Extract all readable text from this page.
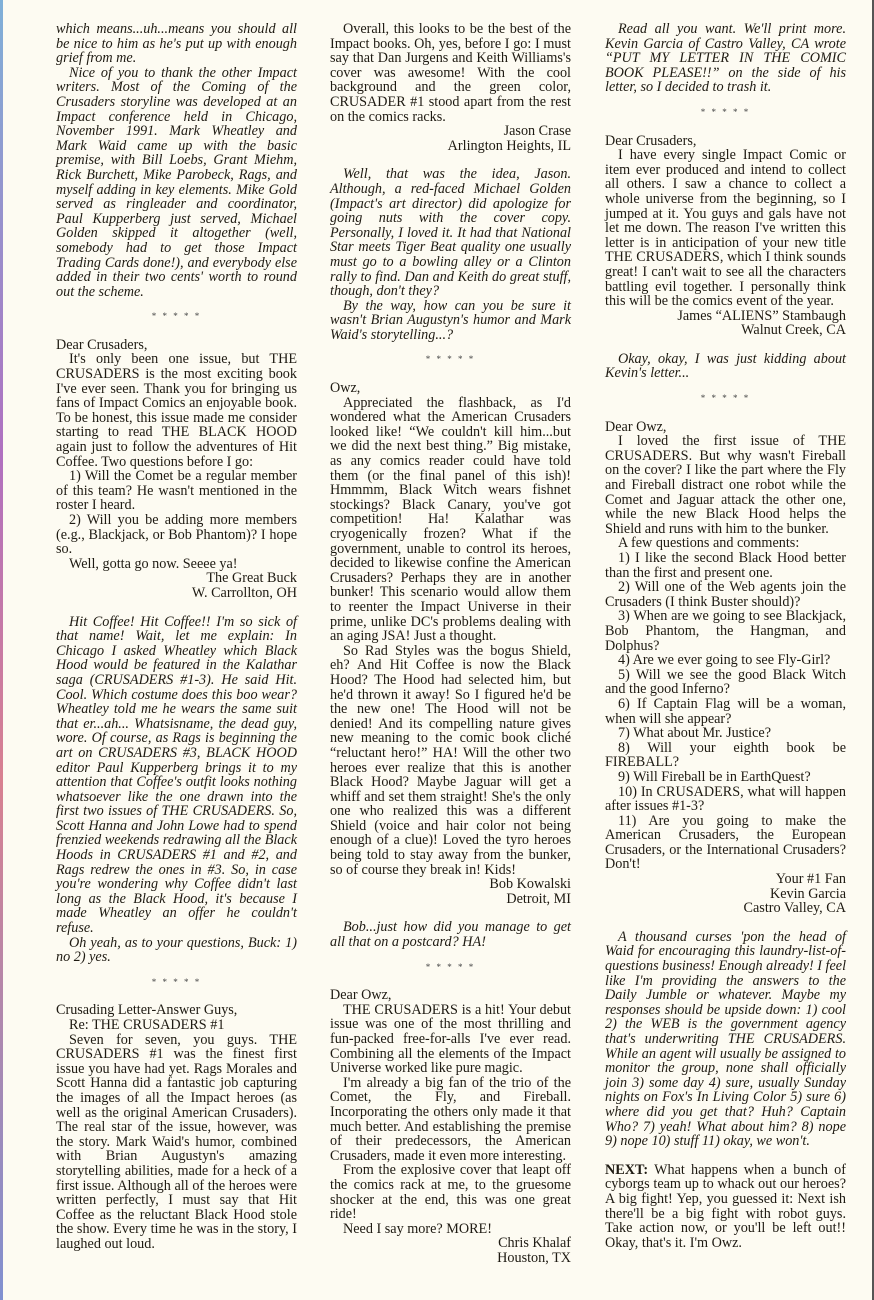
which means...uh...means you should all be nice to him as he's put up with enough grief from me.

Nice of you to thank the other Impact writers. Most of the Coming of the Crusaders storyline was developed at an Impact conference held in Chicago, November 1991. Mark Wheatley and Mark Waid came up with the basic premise, with Bill Loebs, Grant Miehm, Rick Burchett, Mike Parobeck, Rags, and myself adding in key elements. Mike Gold served as ringleader and coordinator, Paul Kupperberg just served, Michael Golden skipped it altogether (well, somebody had to get those Impact Trading Cards done!), and everybody else added in their two cents' worth to round out the scheme.

* * * * *

Dear Crusaders,

It's only been one issue, but THE CRUSADERS is the most exciting book I've ever seen. Thank you for bringing us fans of Impact Comics an enjoyable book. To be honest, this issue made me consider starting to read THE BLACK HOOD again just to follow the adventures of Hit Coffee. Two questions before I go:

1) Will the Comet be a regular member of this team? He wasn't mentioned in the roster I heard.

2) Will you be adding more members (e.g., Blackjack, or Bob Phantom)? I hope so.

Well, gotta go now. Seeee ya!

The Great Buck

W. Carrollton, OH

Hit Coffee! Hit Coffee!! I'm so sick of that name! Wait, let me explain: In Chicago I asked Wheatley which Black Hood would be featured in the Kalathar saga (CRUSADERS #1-3). He said Hit. Cool. Which costume does this boo wear? Wheatley told me he wears the same suit that er...ah... Whatsisname, the dead guy, wore. Of course, as Rags is beginning the art on CRUSADERS #3, BLACK HOOD editor Paul Kupperberg brings it to my attention that Coffee's outfit looks nothing whatsoever like the one drawn into the first two issues of THE CRUSADERS. So, Scott Hanna and John Lowe had to spend frenzied weekends redrawing all the Black Hoods in CRUSADERS #1 and #2, and Rags redrew the ones in #3. So, in case you're wondering why Coffee didn't last long as the Black Hood, it's because I made Wheatley an offer he couldn't refuse.

Oh yeah, as to your questions, Buck: 1) no 2) yes.

* * * * *

Crusading Letter-Answer Guys,

Re: THE CRUSADERS #1

Seven for seven, you guys. THE CRUSADERS #1 was the finest first issue you have had yet. Rags Morales and Scott Hanna did a fantastic job capturing the images of all the Impact heroes (as well as the original American Crusaders). The real star of the issue, however, was the story. Mark Waid's humor, combined with Brian Augustyn's amazing storytelling abilities, made for a heck of a first issue. Although all of the heroes were written perfectly, I must say that Hit Coffee as the reluctant Black Hood stole the show. Every time he was in the story, I laughed out loud.

Overall, this looks to be the best of the Impact books. Oh, yes, before I go: I must say that Dan Jurgens and Keith Williams's cover was awesome! With the cool background and the green color, CRUSADER #1 stood apart from the rest on the comics racks.

Jason Crase

Arlington Heights, IL

Well, that was the idea, Jason. Although, a red-faced Michael Golden (Impact's art director) did apologize for going nuts with the cover copy. Personally, I loved it. It had that National Star meets Tiger Beat quality one usually must go to a bowling alley or a Clinton rally to find. Dan and Keith do great stuff, though, don't they?

By the way, how can you be sure it wasn't Brian Augustyn's humor and Mark Waid's storytelling...?

* * * * *

Owz,

Appreciated the flashback, as I'd wondered what the American Crusaders looked like! “We couldn't kill him...but we did the next best thing.” Big mistake, as any comics reader could have told them (or the final panel of this ish)! Hmmmm, Black Witch wears fishnet stockings? Black Canary, you've got competition! Ha! Kalathar was cryogenically frozen? What if the government, unable to control its heroes, decided to likewise confine the American Crusaders? Perhaps they are in another bunker! This scenario would allow them to reenter the Impact Universe in their prime, unlike DC's problems dealing with an aging JSA! Just a thought.

So Rad Styles was the bogus Shield, eh? And Hit Coffee is now the Black Hood? The Hood had selected him, but he'd thrown it away! So I figured he'd be the new one! The Hood will not be denied! And its compelling nature gives new meaning to the comic book cliché “reluctant hero!” HA! Will the other two heroes ever realize that this is another Black Hood? Maybe Jaguar will get a whiff and set them straight! She's the only one who realized this was a different Shield (voice and hair color not being enough of a clue)! Loved the tyro heroes being told to stay away from the bunker, so of course they break in! Kids!

Bob Kowalski

Detroit, MI

Bob...just how did you manage to get all that on a postcard? HA!

* * * * *

Dear Owz,

THE CRUSADERS is a hit! Your debut issue was one of the most thrilling and fun-packed free-for-alls I've ever read. Combining all the elements of the Impact Universe worked like pure magic.

I'm already a big fan of the trio of the Comet, the Fly, and Fireball. Incorporating the others only made it that much better. And establishing the premise of their predecessors, the American Crusaders, made it even more interesting.

From the explosive cover that leapt off the comics rack at me, to the gruesome shocker at the end, this was one great ride!

Need I say more? MORE!

Chris Khalaf

Houston, TX

Read all you want. We'll print more. Kevin Garcia of Castro Valley, CA wrote “PUT MY LETTER IN THE COMIC BOOK PLEASE!!” on the side of his letter, so I decided to trash it.

* * * * *

Dear Crusaders,

I have every single Impact Comic or item ever produced and intend to collect all others. I saw a chance to collect a whole universe from the beginning, so I jumped at it. You guys and gals have not let me down. The reason I've written this letter is in anticipation of your new title THE CRUSADERS, which I think sounds great! I can't wait to see all the characters battling evil together. I personally think this will be the comics event of the year.

James “ALIENS” Stambaugh

Walnut Creek, CA

Okay, okay, I was just kidding about Kevin's letter...

* * * * *

Dear Owz,

I loved the first issue of THE CRUSADERS. But why wasn't Fireball on the cover? I like the part where the Fly and Fireball distract one robot while the Comet and Jaguar attack the other one, while the new Black Hood helps the Shield and runs with him to the bunker.

A few questions and comments:

1) I like the second Black Hood better than the first and present one.

2) Will one of the Web agents join the Crusaders (I think Buster should)?

3) When are we going to see Blackjack, Bob Phantom, the Hangman, and Dolphus?

4) Are we ever going to see Fly-Girl?

5) Will we see the good Black Witch and the good Inferno?

6) If Captain Flag will be a woman, when will she appear?

7) What about Mr. Justice?

8) Will your eighth book be FIREBALL?

9) Will Fireball be in EarthQuest?

10) In CRUSADERS, what will happen after issues #1-3?

11) Are you going to make the American Crusaders, the European Crusaders, or the International Crusaders? Don't!

Your #1 Fan

Kevin Garcia

Castro Valley, CA

A thousand curses 'pon the head of Waid for encouraging this laundry-list-of-questions business! Enough already! I feel like I'm providing the answers to the Daily Jumble or whatever. Maybe my responses should be upside down: 1) cool 2) the WEB is the government agency that's underwriting THE CRUSADERS. While an agent will usually be assigned to monitor the group, none shall officially join 3) some day 4) sure, usually Sunday nights on Fox's In Living Color 5) sure 6) where did you get that? Huh? Captain Who? 7) yeah! What about him? 8) nope 9) nope 10) stuff 11) okay, we won't.

NEXT: What happens when a bunch of cyborgs team up to whack out our heroes? A big fight! Yep, you guessed it: Next ish there'll be a big fight with robot guys. Take action now, or you'll be left out!! Okay, that's it. I'm Owz.
